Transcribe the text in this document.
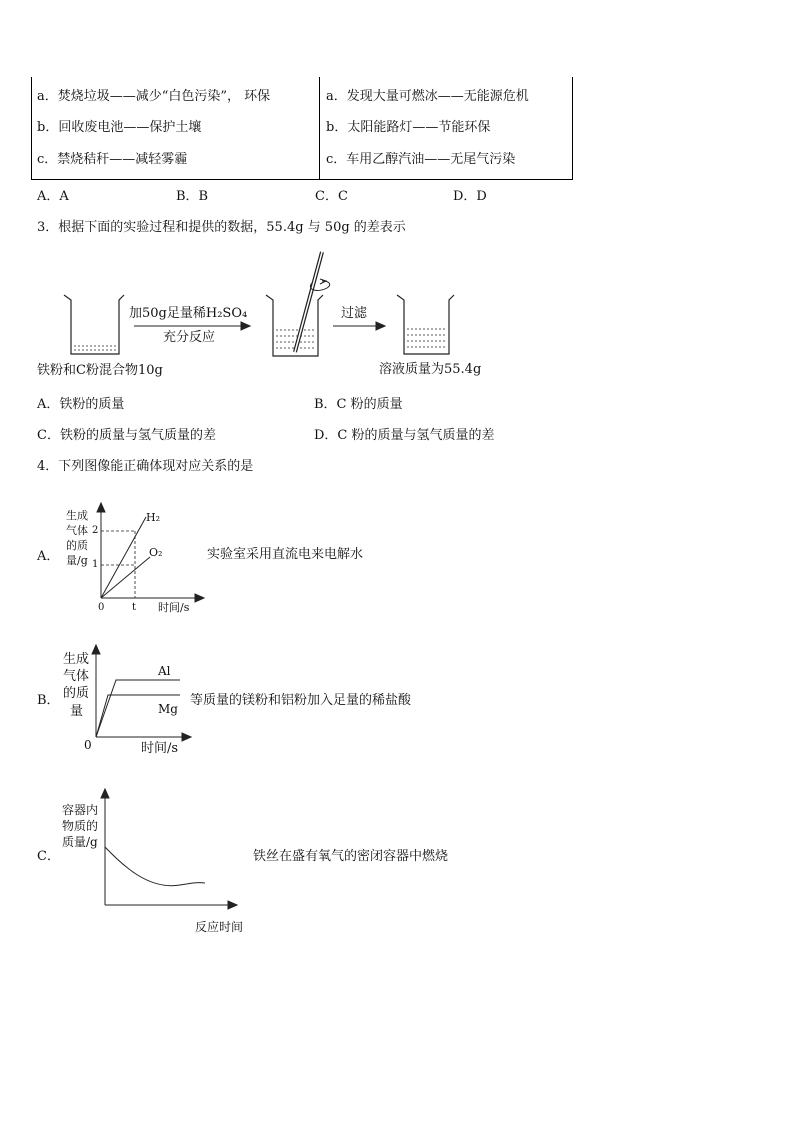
a．焚烧垃圾——减少“白色污染”， 环保
b．回收废电池——保护土壤
c．禁烧秸秆——减轻雾霾
a．发现大量可燃冰——无能源危机
b．太阳能路灯——节能环保
c．车用乙醇汽油——无尾气污染
A．A	B．B	C．C	D．D
3．根据下面的实验过程和提供的数据，55.4g 与 50g 的差表示
加50g足量稀H₂SO₄
充分反应
过滤
铁粉和C粉混合物10g	溶液质量为55.4g
A．铁粉的质量	B．C 粉的质量
C．铁粉的质量与氢气质量的差	D．C 粉的质量与氢气质量的差
4．下列图像能正确体现对应关系的是
A．
生成
气体
的质
量/g
H₂
O₂
2
1
0	t 时间/s
实验室采用直流电来电解水
B．
生成
气体
的质
量
Al
Mg
0	时间/s
等质量的镁粉和铝粉加入足量的稀盐酸
C．
容器内
物质的
质量/g
反应时间
铁丝在盛有氧气的密闭容器中燃烧
